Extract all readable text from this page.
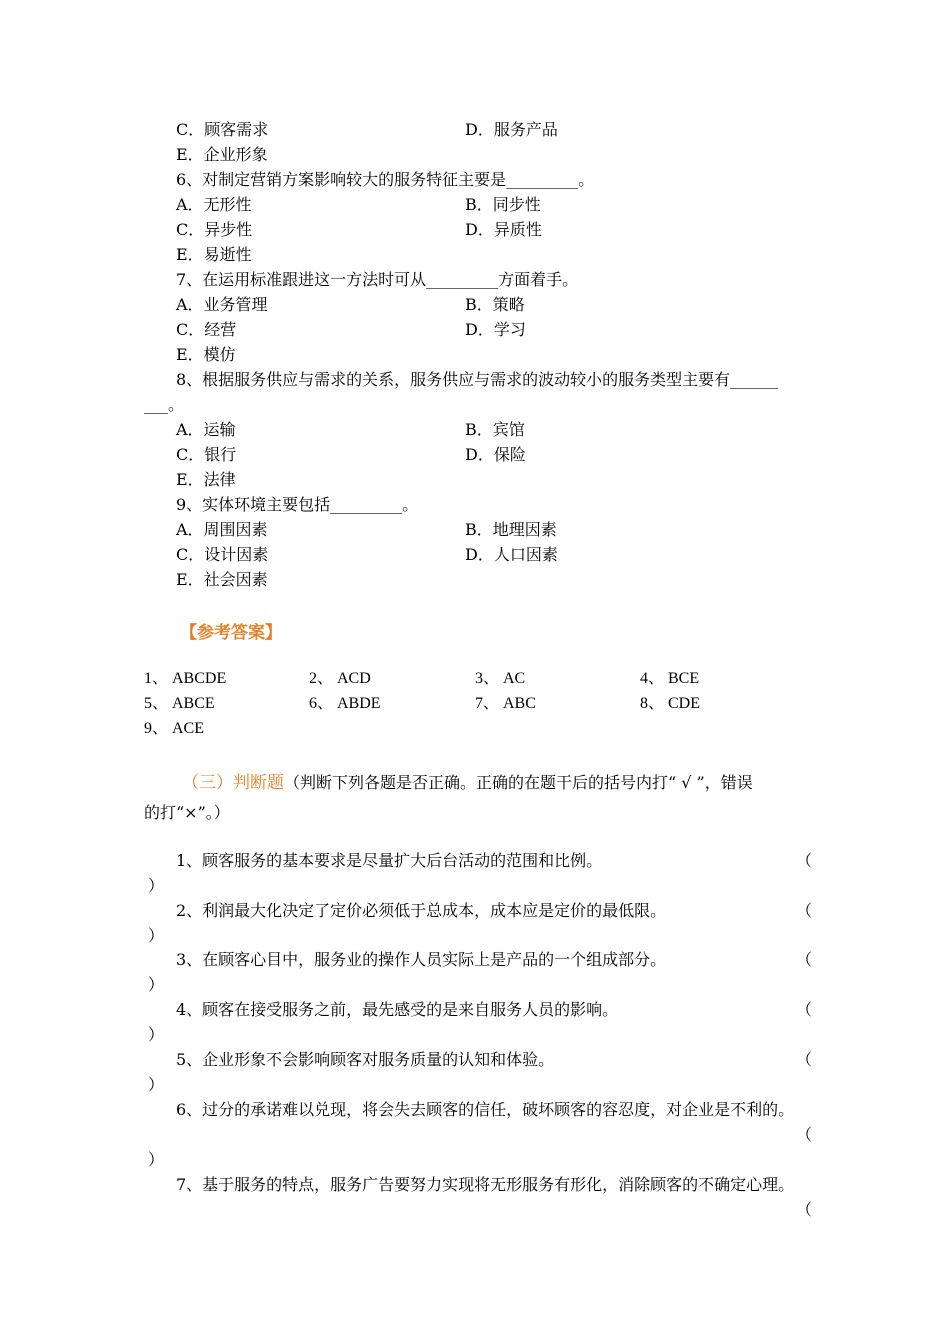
C．顾客需求	D．服务产品
E．企业形象
6、对制定营销方案影响较大的服务特征主要是_________。
A．无形性	B．同步性
C．异步性	D．异质性
E．易逝性
7、在运用标准跟进这一方法时可从_________方面着手。
A．业务管理	B．策略
C．经营	D．学习
E．模仿
8、根据服务供应与需求的关系，服务供应与需求的波动较小的服务类型主要有______
___。
A．运输	B．宾馆
C．银行	D．保险
E．法律
9、实体环境主要包括_________。
A．周围因素	B．地理因素
C．设计因素	D．人口因素
E．社会因素
【参考答案】
1、 ABCDE	2、 ACD	3、 AC	4、 BCE
5、 ABCE	6、 ABDE	7、 ABC	8、 CDE
9、 ACE
（三）判断题（判断下列各题是否正确。正确的在题干后的括号内打“ √ ”，错误
的打“×”。）
1、顾客服务的基本要求是尽量扩大后台活动的范围和比例。	（
）
2、利润最大化决定了定价必须低于总成本，成本应是定价的最低限。	（
）
3、在顾客心目中，服务业的操作人员实际上是产品的一个组成部分。	（
）
4、顾客在接受服务之前，最先感受的是来自服务人员的影响。	（
）
5、企业形象不会影响顾客对服务质量的认知和体验。	（
）
6、过分的承诺难以兑现，将会失去顾客的信任，破坏顾客的容忍度，对企业是不利的。
（
）
7、基于服务的特点，服务广告要努力实现将无形服务有形化，消除顾客的不确定心理。
（
